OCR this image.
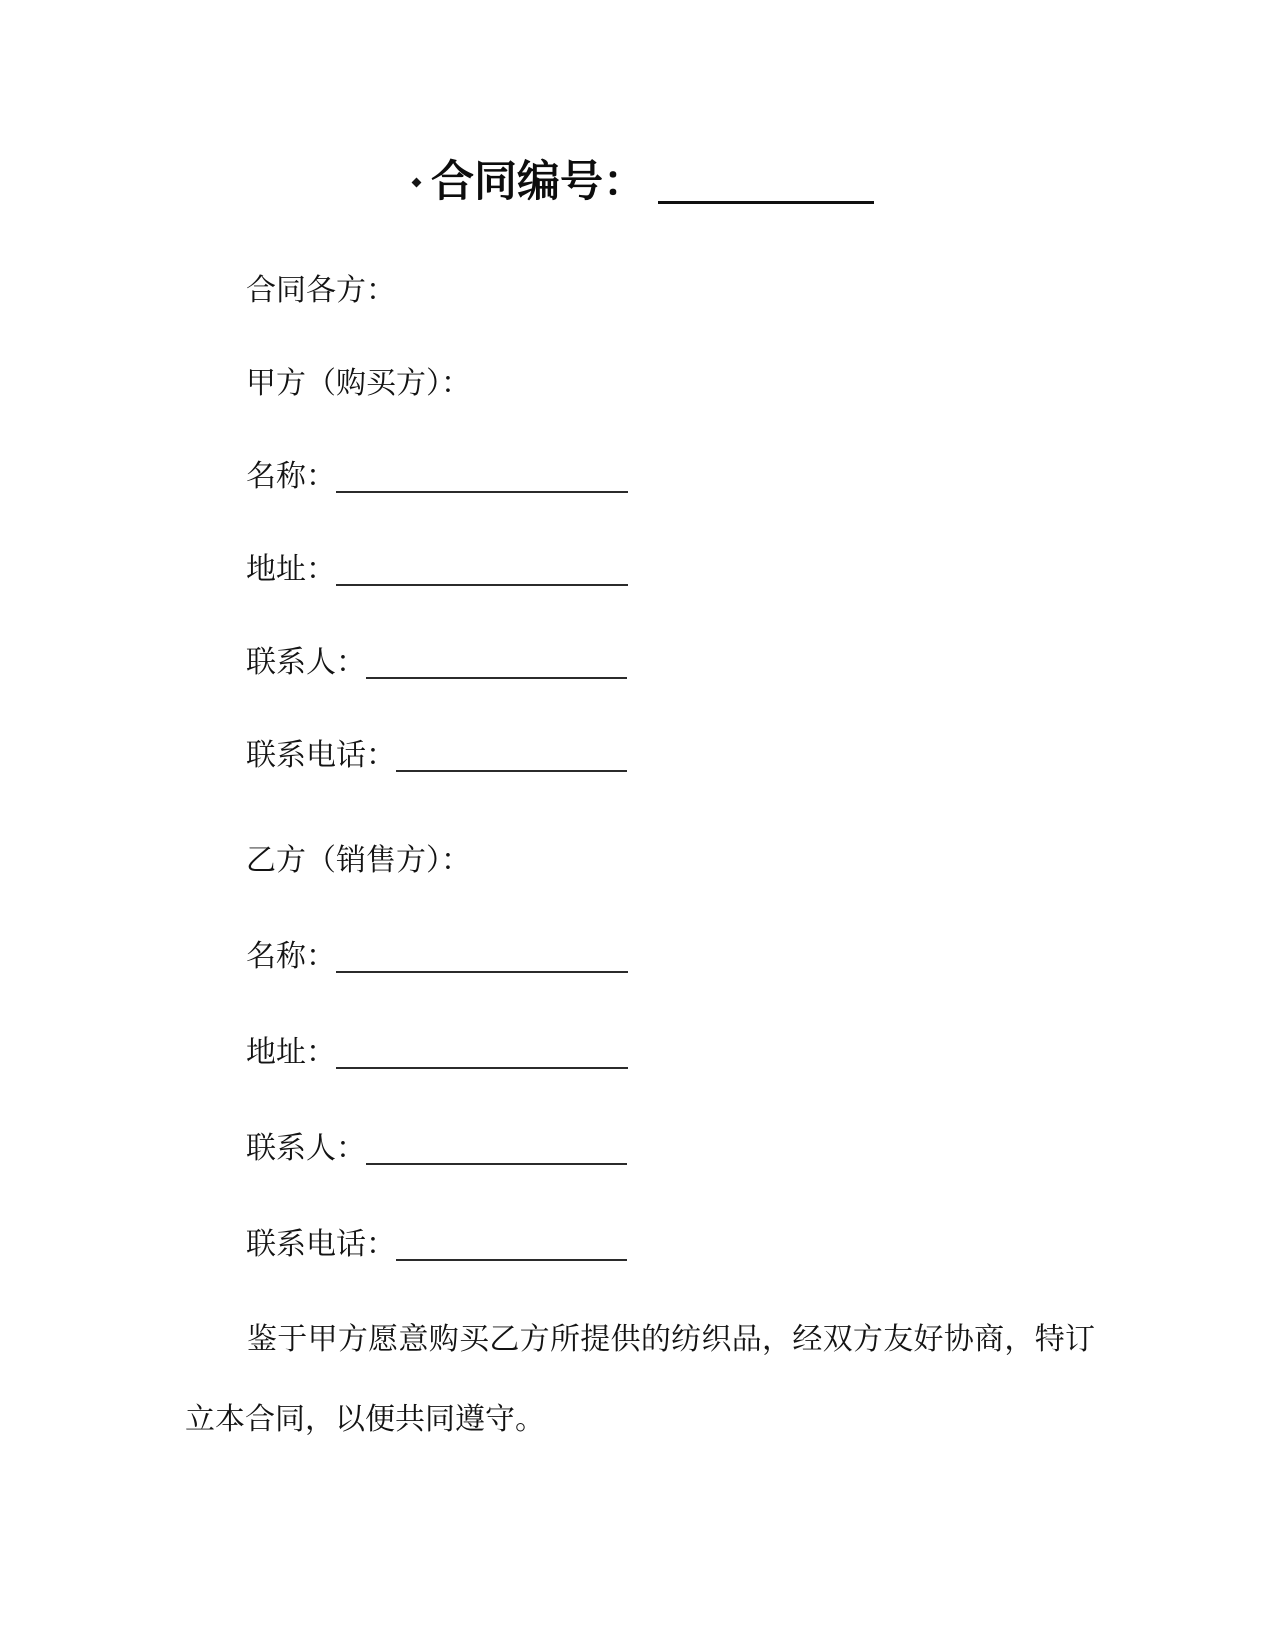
合同编号：

合同各方：

甲方（购买方）：

名称：

地址：

联系人：

联系电话：

乙方（销售方）：

名称：

地址：

联系人：

联系电话：

鉴于甲方愿意购买乙方所提供的纺织品，经双方友好协商，特订立本合同，以便共同遵守。
